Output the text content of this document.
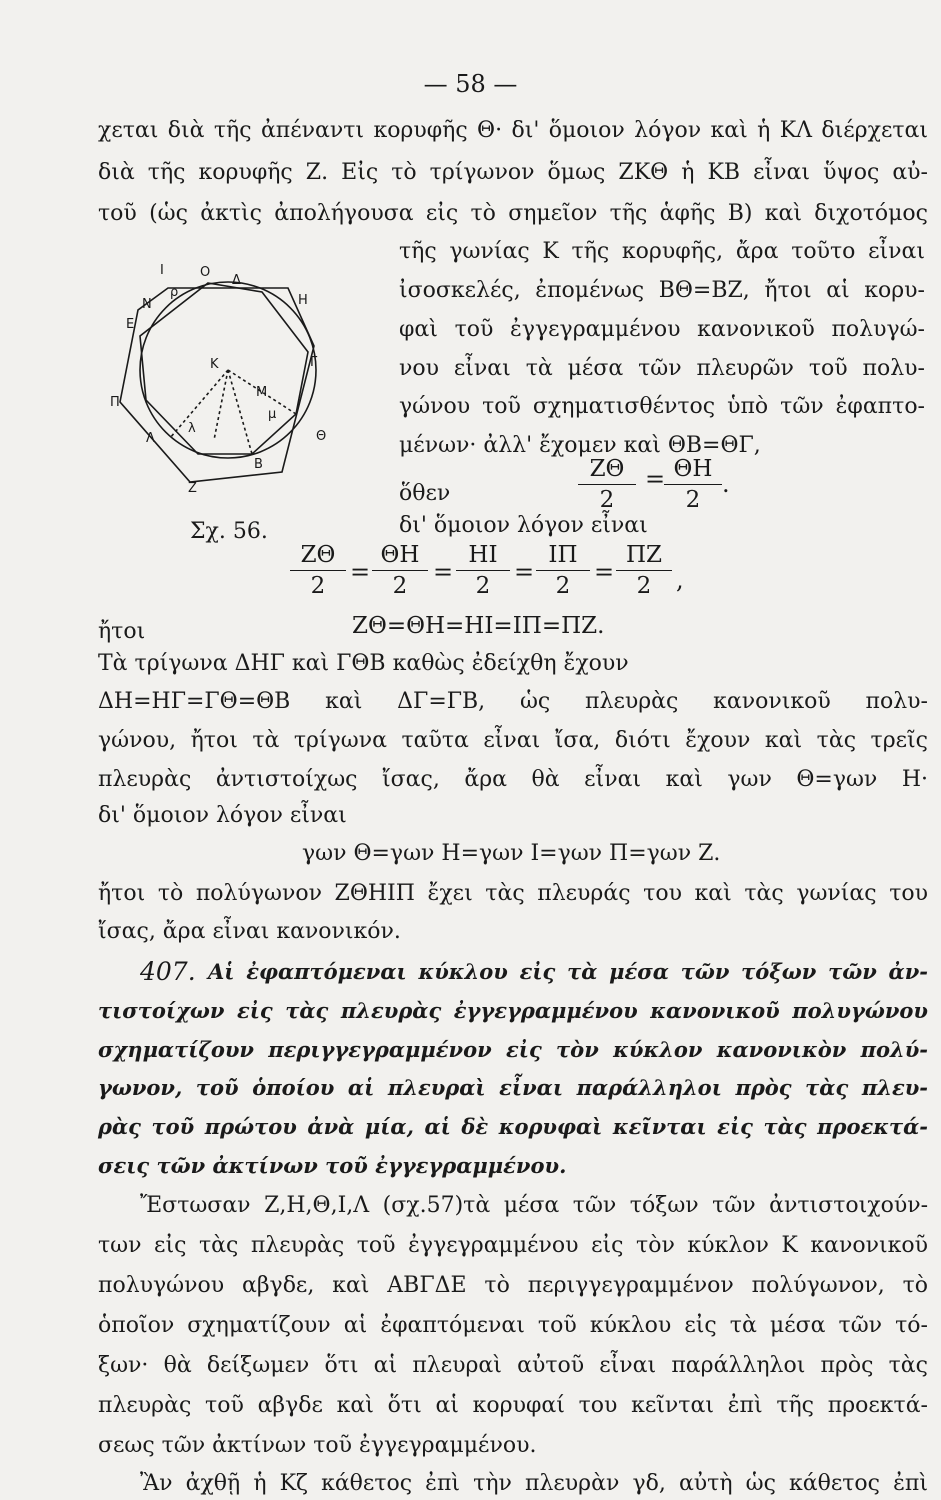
— 58 —
χεται διὰ τῆς ἀπέναντι κορυφῆς Θ· δι' ὅμοιον λόγον καὶ ἡ ΚΛ διέρχεται
διὰ τῆς κορυφῆς Ζ. Εἰς τὸ τρίγωνον ὅμως ΖΚΘ ἡ ΚΒ εἶναι ὕψος αὐ-
τοῦ (ὡς ἀκτὶς ἀπολήγουσα εἰς τὸ σημεῖον τῆς ἁφῆς Β) καὶ διχοτόμος
τῆς γωνίας Κ τῆς κορυφῆς, ἄρα τοῦτο εἶναι
ἰσοσκελές, ἐπομένως ΒΘ=ΒΖ, ἤτοι αἱ κορυ-
φαὶ τοῦ ἐγγεγραμμένου κανονικοῦ πολυγώ-
νου εἶναι τὰ μέσα τῶν πλευρῶν τοῦ πολυ-
γώνου τοῦ σχηματισθέντος ὑπὸ τῶν ἐφαπτο-
μένων· ἀλλ' ἔχομεν καὶ ΘΒ=ΘΓ,
ὅθεν	$\frac{Z\Theta}{2}$ =
$\frac{\Theta H}{2}$ .
Ι	Ο
Δ
Η
Ν
Ε
ρ
Κ	Γ
Π
Μ
λ
μ
Λ	Θ
Ζ
Β
Σχ. 56.	δι' ὅμοιον λόγον εἶναι
$\frac{Z\Theta}{2} = \frac{\Theta H}{2} = \frac{HI}{2} = \frac{I\Pi}{2} = \frac{\Pi Z}{2}$ ,
ἤτοι	ΖΘ=ΘΗ=ΗΙ=ΙΠ=ΠΖ.
Τὰ τρίγωνα ΔΗΓ καὶ ΓΘΒ καθὼς ἐδείχθη ἔχουν
ΔΗ=ΗΓ=ΓΘ=ΘΒ καὶ ΔΓ=ΓΒ, ὡς πλευρὰς κανονικοῦ πολυ-
γώνου, ἤτοι τὰ τρίγωνα ταῦτα εἶναι ἴσα, διότι ἔχουν καὶ τὰς τρεῖς
πλευρὰς ἀντιστοίχως ἴσας, ἄρα θὰ εἶναι καὶ γων Θ=γων Η·
δι' ὅμοιον λόγον εἶναι
γων Θ=γων Η=γων Ι=γων Π=γων Ζ.
ἤτοι τὸ πολύγωνον ΖΘΗΙΠ ἔχει τὰς πλευράς του καὶ τὰς γωνίας του
ἴσας, ἄρα εἶναι κανονικόν.
407. Αἱ ἐφαπτόμεναι κύκλου εἰς τὰ μέσα τῶν τόξων τῶν ἀν-
τιστοίχων εἰς τὰς πλευρὰς ἐγγεγραμμένου κανονικοῦ πολυγώνου
σχηματίζουν περιγγεγραμμένον εἰς τὸν κύκλον κανονικὸν πολύ-
γωνον, τοῦ ὁποίου αἱ πλευραὶ εἶναι παράλληλοι πρὸς τὰς πλευ-
ρὰς τοῦ πρώτου ἀνὰ μία, αἱ δὲ κορυφαὶ κεῖνται εἰς τὰς προεκτά-
σεις τῶν ἀκτίνων τοῦ ἐγγεγραμμένου.
Ἔστωσαν Ζ,Η,Θ,Ι,Λ (σχ.57)τὰ μέσα τῶν τόξων τῶν ἀντιστοιχούν-
των εἰς τὰς πλευρὰς τοῦ ἐγγεγραμμένου εἰς τὸν κύκλον Κ κανονικοῦ
πολυγώνου αβγδε, καὶ ΑΒΓΔΕ τὸ περιγγεγραμμένον πολύγωνον, τὸ
ὁποῖον σχηματίζουν αἱ ἐφαπτόμεναι τοῦ κύκλου εἰς τὰ μέσα τῶν τό-
ξων· θὰ δείξωμεν ὅτι αἱ πλευραὶ αὐτοῦ εἶναι παράλληλοι πρὸς τὰς
πλευρὰς τοῦ αβγδε καὶ ὅτι αἱ κορυφαί του κεῖνται ἐπὶ τῆς προεκτά-
σεως τῶν ἀκτίνων τοῦ ἐγγεγραμμένου.
Ἂν ἀχθῇ ἡ Κζ κάθετος ἐπὶ τὴν πλευρὰν γδ, αὐτὴ ὡς κάθετος ἐπὶ
